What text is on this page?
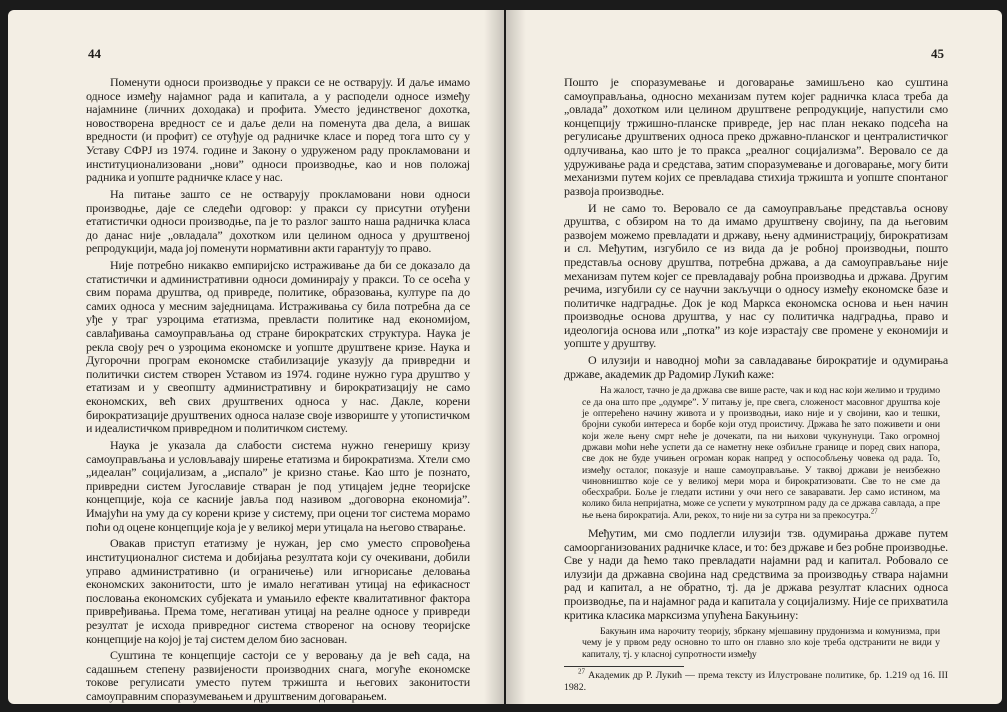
44

Поменути односи производње у пракси се не остварују. И даље имамо односе између најамног рада и капитала, а у расподели односе између најамнине (личних доходака) и профита. Уместо јединственог дохотка, новостворена вредност се и даље дели на поменута два дела, а вишак вредности (и профит) се отуђује од радничке класе и поред тога што су у Уставу СФРЈ из 1974. године и Закону о удруженом раду прокламовани и институционализовани „нови” односи производње, као и нов положај радника и уопште радничке класе у нас.

На питање зашто се не остварују прокламовани нови односи производње, даје се следећи одговор: у пракси су присутни отуђени етатистички односи производње, па је то разлог зашто наша радничка класа до данас није „овладала” дохотком или целином односа у друштвеној репродукцији, мада јој поменути нормативни акти гарантују то право.

Није потребно никакво емпиријско истраживање да би се доказало да статистички и административни односи доминирају у пракси. То се осећа у свим порама друштва, од привреде, политике, образовања, културе па до самих односа у месним заједницама. Истраживања су била потребна да се уђе у траг узроцима етатизма, превласти политике над економијом, савлађивања самоуправљања од стране бирократских структура. Наука је рекла своју реч о узроцима економске и уопште друштвене кризе. Наука и Дугорочни програм економске стабилизације указују да привредни и политички систем створен Уставом из 1974. године нужно гура друштво у етатизам и у свеопшту административну и бирократизацију не само економских, већ свих друштвених односа у нас. Дакле, корени бирократизације друштвених односа налазе своје извориште у утопистичком и идеалистичком привредном и политичком систему.

Наука је указала да слабости система нужно генеришу кризу самоуправљања и условљавају ширење етатизма и бирократизма. Хтели смо „идеалан” социјализам, а „испало” је кризно стање. Као што је познато, привредни систем Југославије стваран је под утицајем једне теоријске концепције, која се касније јавља под називом „договорна економија”. Имајући на уму да су корени кризе у систему, при оцени тог система морамо поћи од оцене концепције која је у великој мери утицала на његово стварање.

Овакав приступ етатизму је нужан, јер смо уместо спровођења институционалног система и добијања резултата који су очекивани, добили управо административно (и ограничење) или игнорисање деловања економских законитости, што је имало негативан утицај на ефикасност пословања економских субјеката и умањило ефекте квалитативног фактора привређивања. Према томе, негативан утицај на реалне односе у привреди резултат је исхода привредног система створеног на основу теоријске концепције на којој је тај систем делом био заснован.

Суштина те концепције састоји се у веровању да је већ сада, на садашњем степену развијености производних снага, могуће економске токове регулисати уместо путем тржишта и његових законитости самоуправним споразумевањем и друштвеним договарањем.

45

Пошто је споразумевање и договарање замишљено као суштина самоуправљања, односно механизам путем којег радничка класа треба да „овлада” дохотком или целином друштвене репродукције, напустили смо концепцију тржишно-планске привреде, јер нас план некако подсећа на регулисање друштвених односа преко државно-планског и централистичког одлучивања, као што је то пракса „реалног социјализма”. Веровало се да удруживање рада и средстава, затим споразумевање и договарање, могу бити механизми путем којих се превладава стихија тржишта и уопште спонтаног развоја производње.

И не само то. Веровало се да самоуправљање представља основу друштва, с обзиром на то да имамо друштвену својину, па да његовим развојем можемо превладати и државу, њену администрацију, бирократизам и сл. Међутим, изгубило се из вида да је робној производњи, пошто представља основу друштва, потребна држава, а да самоуправљање није механизам путем којег се превладавају робна производња и држава. Другим речима, изгубили су се научни закључци о односу између економске базе и политичке надградње. Док је код Маркса економска основа и њен начин производње основа друштва, у нас су политичка надградња, право и идеологија основа или „потка” из које израстају све промене у економији и уопште у друштву.

О илузији и наводној моћи за савладавање бирократије и одумирања државе, академик др Радомир Лукић каже:

На жалост, тачно је да држава све више расте, чак и код нас који желимо и трудимо се да она што пре „одумре”. У питању је, пре свега, сложеност масовног друштва које је оптерећено начину живота и у производњи, иако није и у својини, као и тешки, брojни сукоби интереса и борбе који отуд проистичу. Држава ће зато поживети и они који желе њену смрт неће је дочекати, па ни њихови чукунунуци. Тако огромној држави моћи неће успети да се наметну неке озбиљне границе и поред свих напора, све док не буде учињен огроман корак напред у оспособљењу човека од рада. То, између осталог, показује и наше самоуправљање. У таквој држави је неизбежно чиновништво које се у великој мери мора и бирократизовати. Све то не сме да обесхрабри. Боље је гледати истини у очи него се заваравати. Јер само истином, ма колико била непријатна, може се успети у мукотрпном раду да се држава савлада, а пре ње њена бирократија. Али, рекох, то није ни за сутра ни за прекосутра.$^{27}$

Међутим, ми смо подлегли илузији тзв. одумирања државе путем самоорганизованих радничке класе, и то: без државе и без робне производње. Све у нади да ћемо тако превладати најамни рад и капитал. Робовало се илузији да државна својина над средствима за производњу ствара најамни рад и капитал, а не обратно, тј. да је држава резултат класних односа производње, па и најамног рада и капитала у социјализму. Није се прихватила критика класика марксизма упућена Бакуњину:

Бакуњин има нарочиту теорију, збркану мјешавину прудонизма и комунизма, при чему је у првом реду основно то што он главно зло које треба одстранити не види у капиталу, тј. у класној супротности између

$^{27}$ Академик др Р. Лукић — према тексту из Илустроване политике, бр. 1.219 од 16. III 1982.
